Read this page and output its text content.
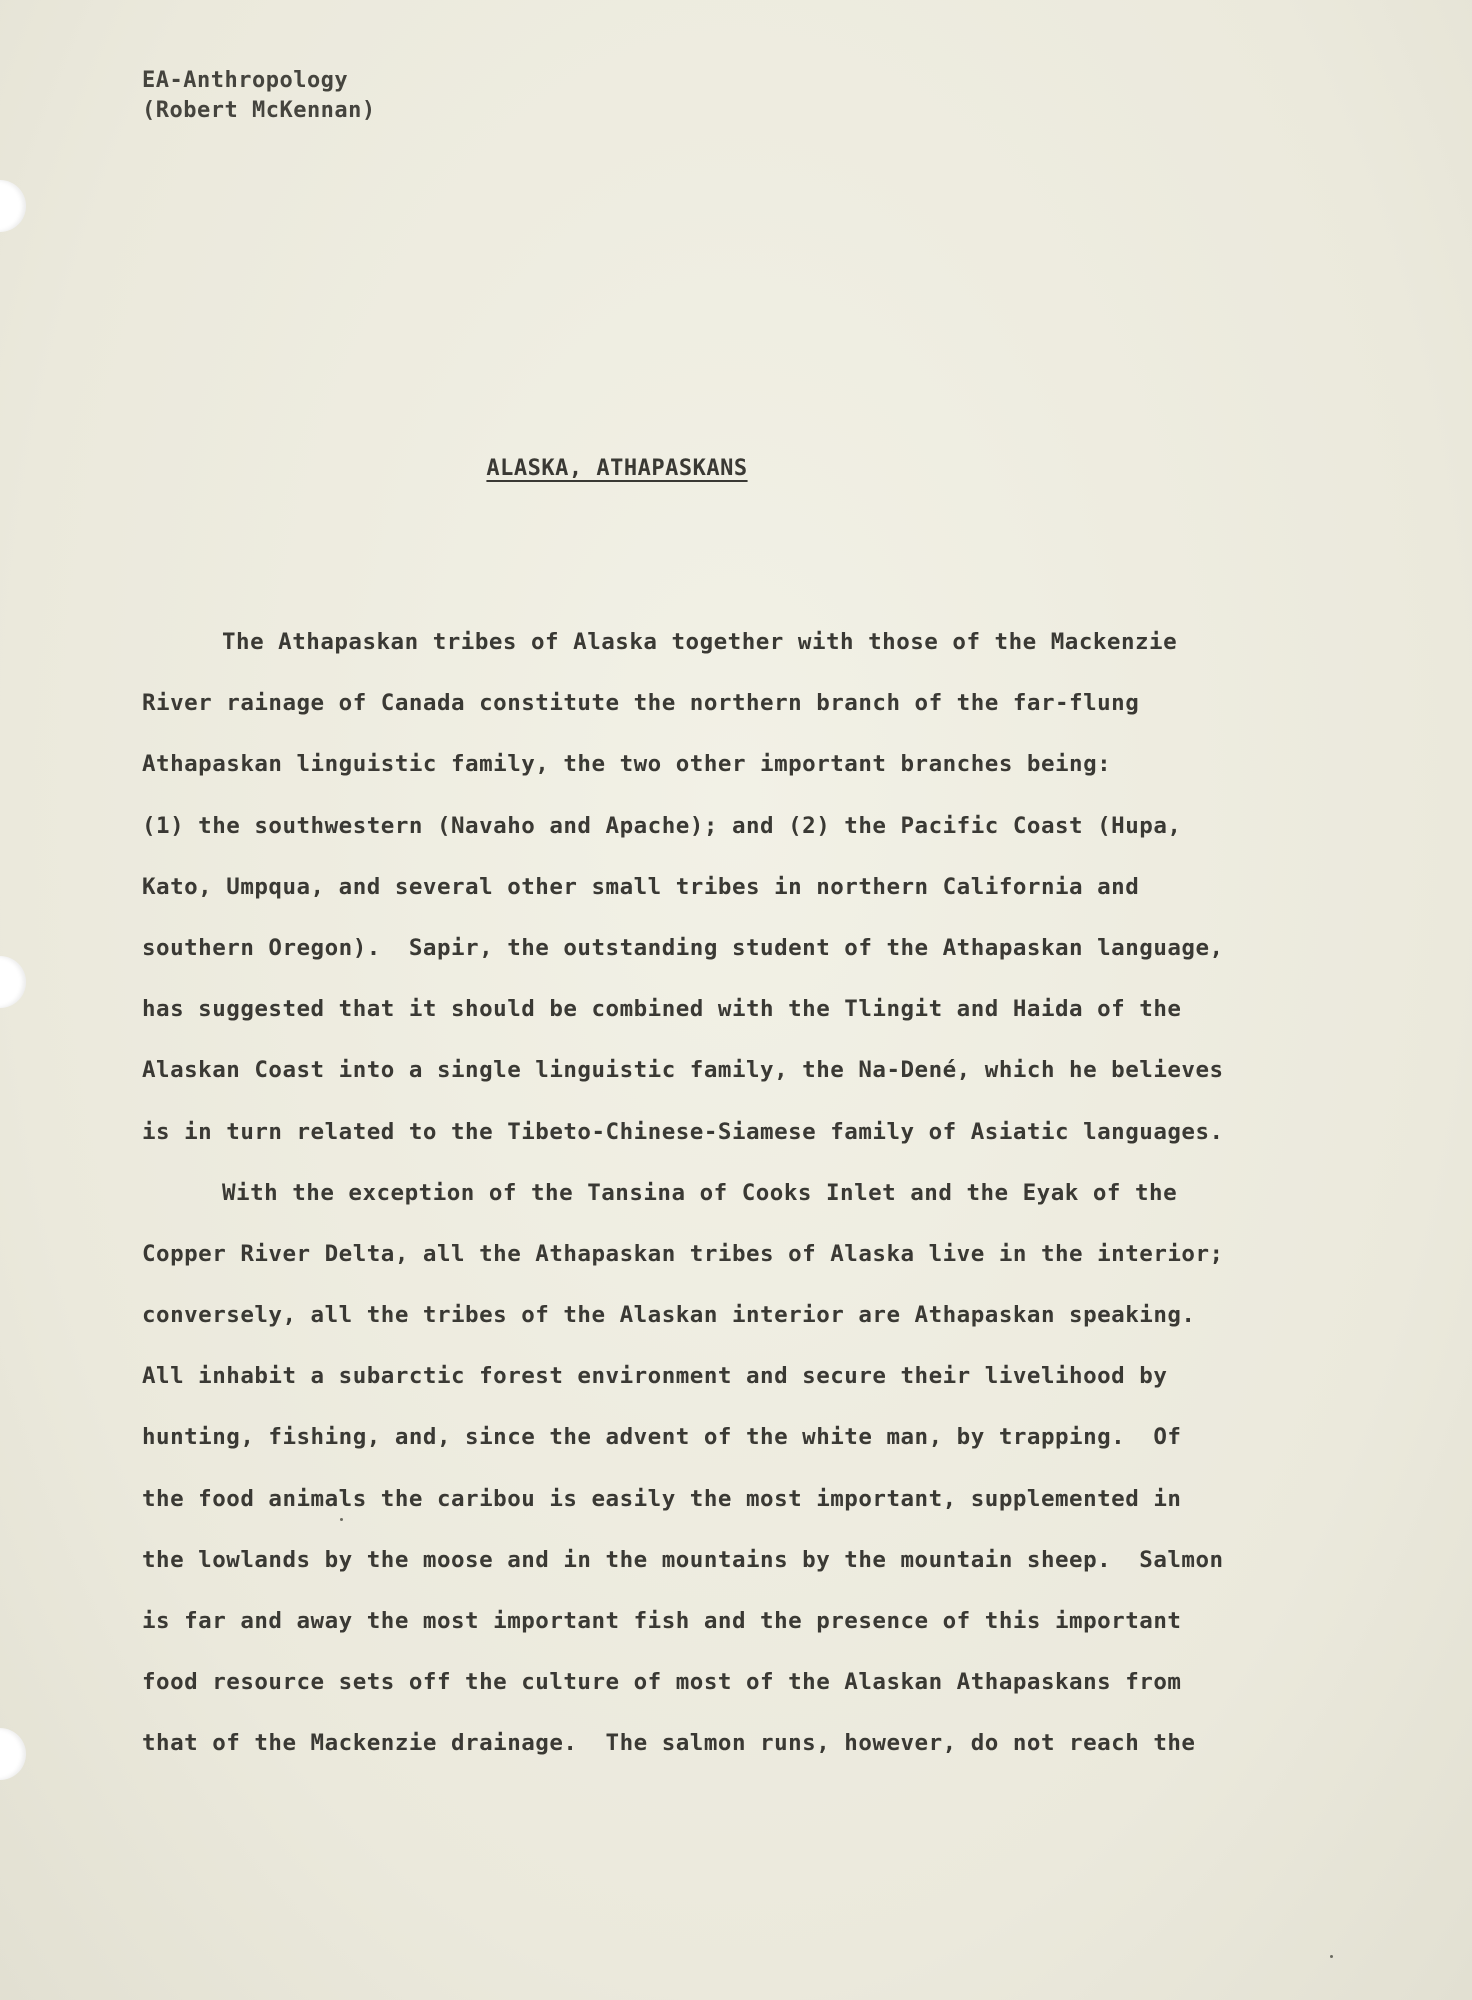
EA-Anthropology
(Robert McKennan)
ALASKA, ATHAPASKANS
The Athapaskan tribes of Alaska together with those of the Mackenzie
River rainage of Canada constitute the northern branch of the far-flung
Athapaskan linguistic family, the two other important branches being:
(1) the southwestern (Navaho and Apache); and (2) the Pacific Coast (Hupa,
Kato, Umpqua, and several other small tribes in northern California and
southern Oregon).  Sapir, the outstanding student of the Athapaskan language,
has suggested that it should be combined with the Tlingit and Haida of the
Alaskan Coast into a single linguistic family, the Na-Dené, which he believes
is in turn related to the Tibeto-Chinese-Siamese family of Asiatic languages.
With the exception of the Tansina of Cooks Inlet and the Eyak of the
Copper River Delta, all the Athapaskan tribes of Alaska live in the interior;
conversely, all the tribes of the Alaskan interior are Athapaskan speaking.
All inhabit a subarctic forest environment and secure their livelihood by
hunting, fishing, and, since the advent of the white man, by trapping.  Of
the food animals the caribou is easily the most important, supplemented in
the lowlands by the moose and in the mountains by the mountain sheep.  Salmon
is far and away the most important fish and the presence of this important
food resource sets off the culture of most of the Alaskan Athapaskans from
that of the Mackenzie drainage.  The salmon runs, however, do not reach the
